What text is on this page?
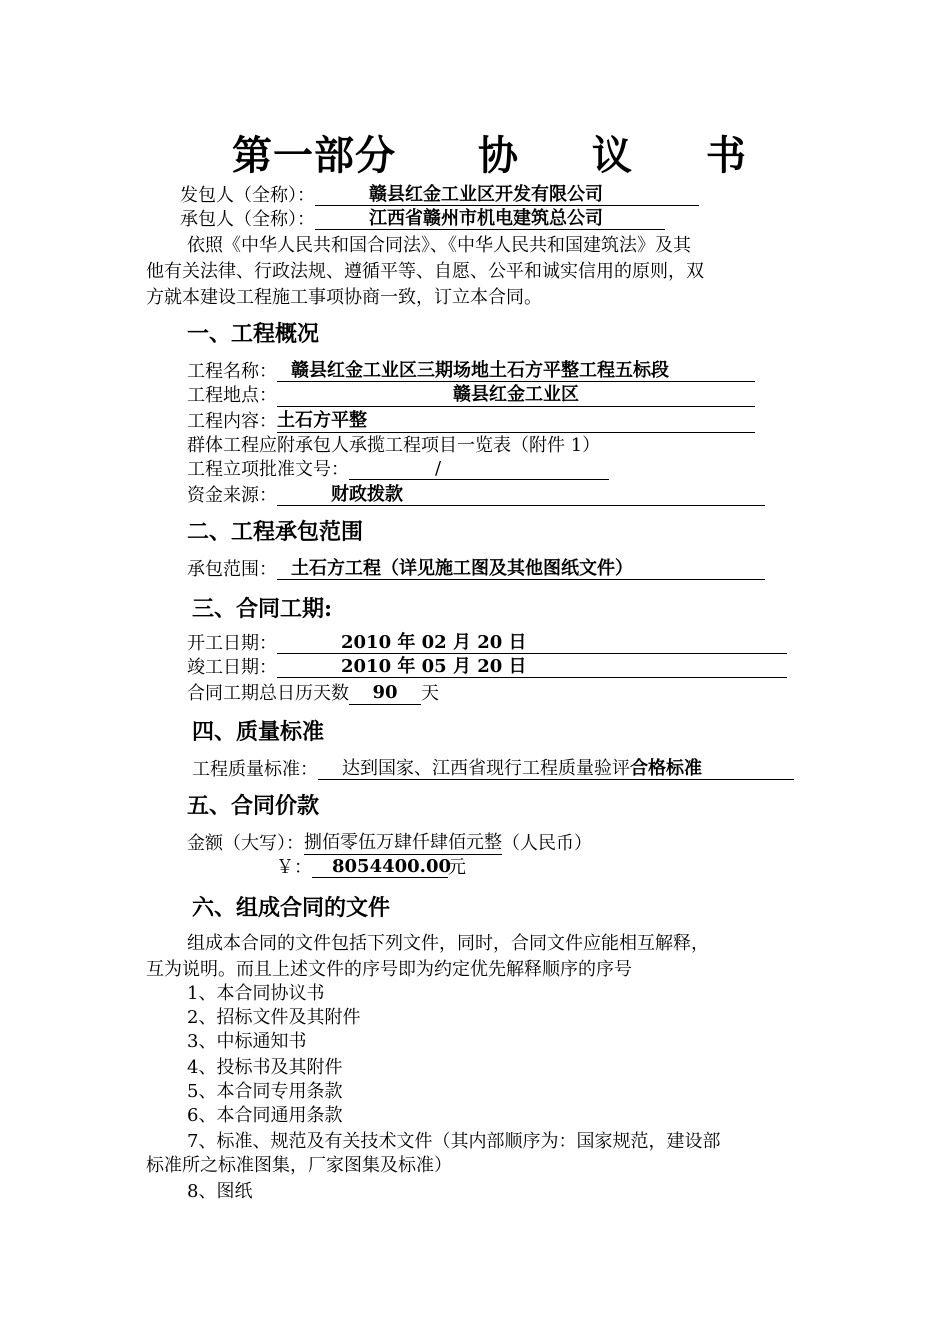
第一部分 协 议 书
发包人（全称）：	赣县红金工业区开发有限公司
承包人（全称）：	江西省赣州市机电建筑总公司
依照《中华人民共和国合同法》、《中华人民共和国建筑法》及其
他有关法律、行政法规、遵循平等、自愿、公平和诚实信用的原则，双
方就本建设工程施工事项协商一致，订立本合同。
一、工程概况
工程名称： 赣县红金工业区三期场地土石方平整工程五标段
工程地点：	赣县红金工业区
工程内容：土石方平整
群体工程应附承包人承揽工程项目一览表（附件 1）
工程立项批准文号：	/
资金来源：	财政拨款
二、工程承包范围
承包范围： 土石方工程（详见施工图及其他图纸文件）
三、合同工期:
开工日期：	2010 年 02 月 20 日
竣工日期：	2010 年 05 月 20 日
合同工期总日历天数 90 天
四、质量标准
工程质量标准： 达到国家、江西省现行工程质量验评合格标准
五、合同价款
金额（大写）：捌佰零伍万肆仟肆佰元整（人民币）
￥： 8054400.00元
六、组成合同的文件
组成本合同的文件包括下列文件，同时，合同文件应能相互解释，
互为说明。而且上述文件的序号即为约定优先解释顺序的序号
1、本合同协议书
2、招标文件及其附件
3、中标通知书
4、投标书及其附件
5、本合同专用条款
6、本合同通用条款
7、标准、规范及有关技术文件（其内部顺序为：国家规范，建设部
标准所之标准图集，厂家图集及标准）
8、图纸
